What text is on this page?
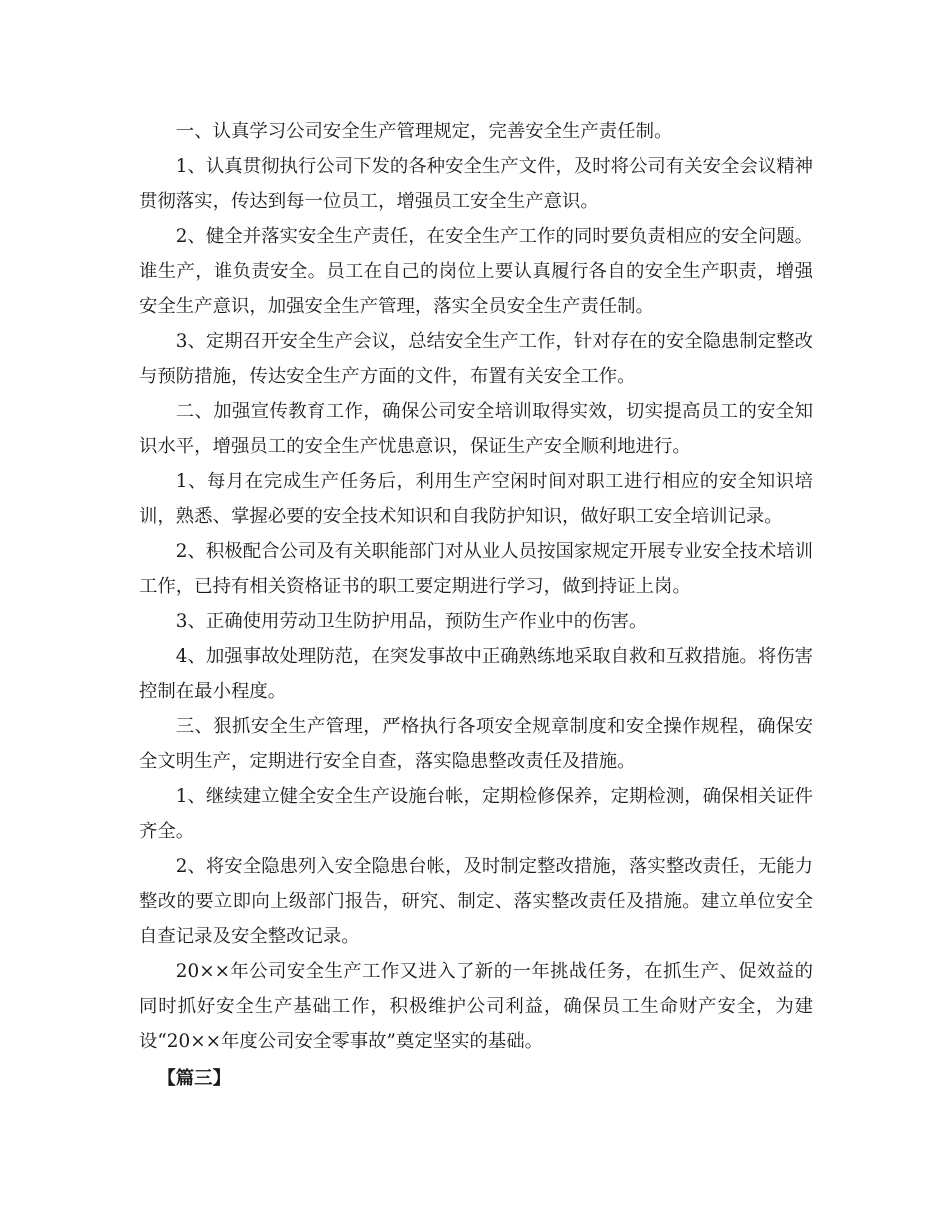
一、认真学习公司安全生产管理规定，完善安全生产责任制。

1、认真贯彻执行公司下发的各种安全生产文件，及时将公司有关安全会议精神贯彻落实，传达到每一位员工，增强员工安全生产意识。

2、健全并落实安全生产责任，在安全生产工作的同时要负责相应的安全问题。谁生产，谁负责安全。员工在自己的岗位上要认真履行各自的安全生产职责，增强安全生产意识，加强安全生产管理，落实全员安全生产责任制。

3、定期召开安全生产会议，总结安全生产工作，针对存在的安全隐患制定整改与预防措施，传达安全生产方面的文件，布置有关安全工作。

二、加强宣传教育工作，确保公司安全培训取得实效，切实提高员工的安全知识水平，增强员工的安全生产忧患意识，保证生产安全顺利地进行。

1、每月在完成生产任务后，利用生产空闲时间对职工进行相应的安全知识培训，熟悉、掌握必要的安全技术知识和自我防护知识，做好职工安全培训记录。

2、积极配合公司及有关职能部门对从业人员按国家规定开展专业安全技术培训工作，已持有相关资格证书的职工要定期进行学习，做到持证上岗。

3、正确使用劳动卫生防护用品，预防生产作业中的伤害。

4、加强事故处理防范，在突发事故中正确熟练地采取自救和互救措施。将伤害控制在最小程度。

三、狠抓安全生产管理，严格执行各项安全规章制度和安全操作规程，确保安全文明生产，定期进行安全自查，落实隐患整改责任及措施。

1、继续建立健全安全生产设施台帐，定期检修保养，定期检测，确保相关证件齐全。

2、将安全隐患列入安全隐患台帐，及时制定整改措施，落实整改责任，无能力整改的要立即向上级部门报告，研究、制定、落实整改责任及措施。建立单位安全自查记录及安全整改记录。

20××年公司安全生产工作又进入了新的一年挑战任务，在抓生产、促效益的同时抓好安全生产基础工作，积极维护公司利益，确保员工生命财产安全，为建设“20××年度公司安全零事故”奠定坚实的基础。

【篇三】
